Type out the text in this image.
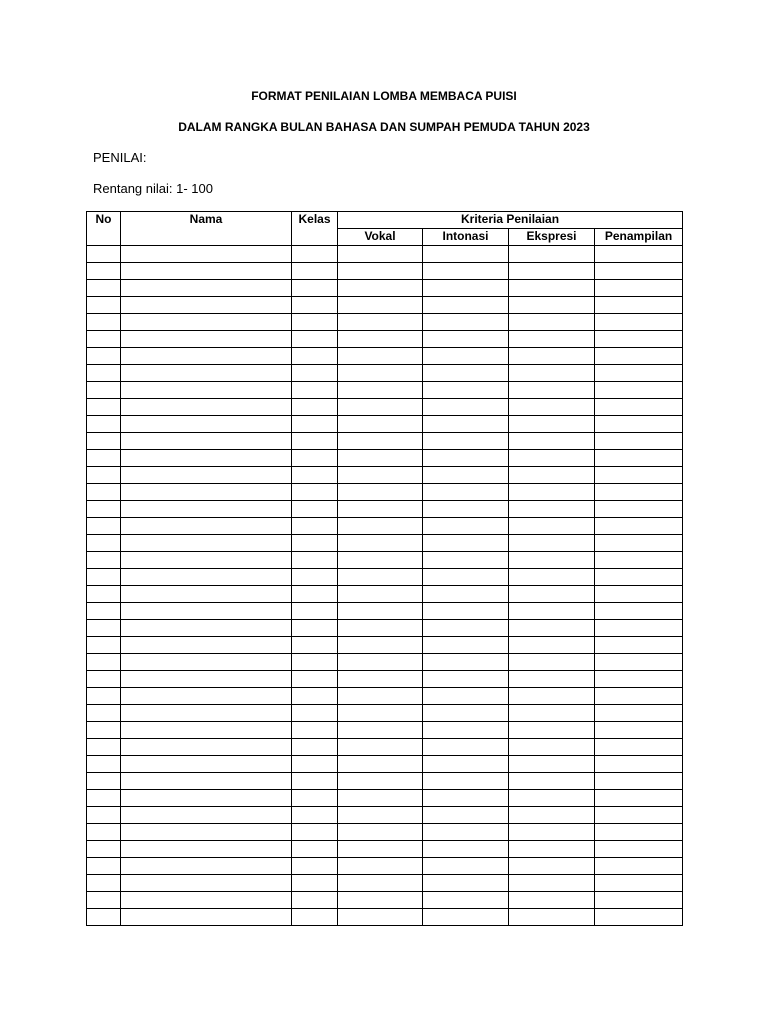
FORMAT PENILAIAN LOMBA MEMBACA PUISI
DALAM RANGKA BULAN BAHASA DAN SUMPAH PEMUDA TAHUN 2023
PENILAI:
Rentang nilai: 1- 100
No	Nama	Kelas	Kriteria Penilaian			
			Vokal	Intonasi	Ekspresi	Penampilan
